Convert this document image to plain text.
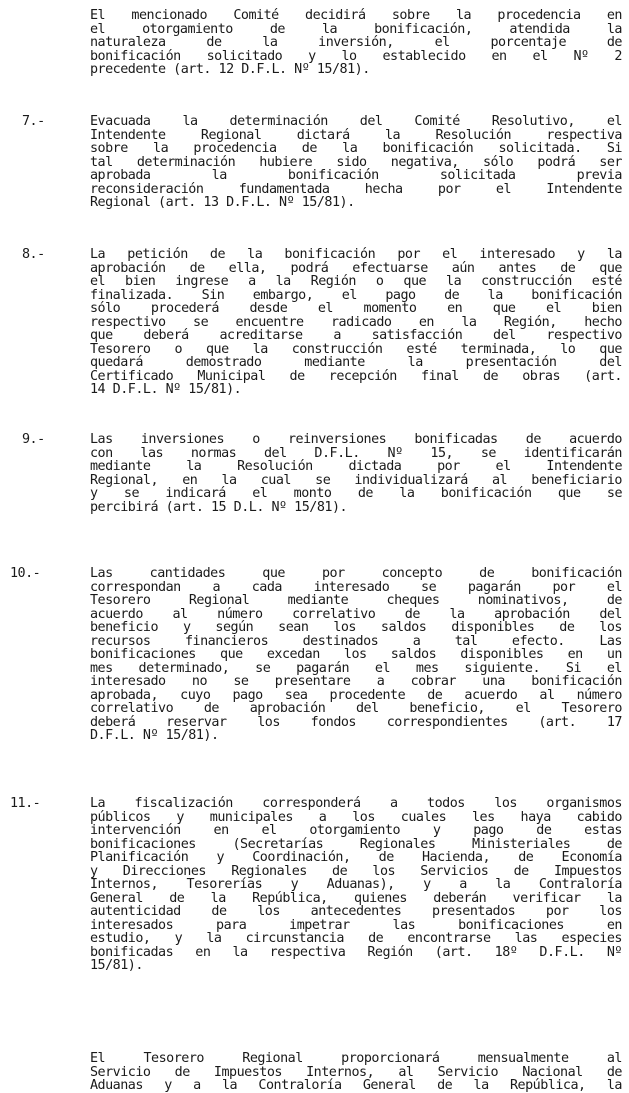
El mencionado Comité decidirá sobre la procedencia en
el otorgamiento de la bonificación, atendida la
naturaleza de la inversión, el porcentaje de
bonificación solicitado y lo establecido en el Nº 2
precedente (art. 12 D.F.L. Nº 15/81).
7.-	Evacuada la determinación del Comité Resolutivo, el
Intendente Regional dictará la Resolución respectiva
sobre la procedencia de la bonificación solicitada. Si
tal determinación hubiere sido negativa, sólo podrá ser
aprobada la bonificación solicitada previa
reconsideración fundamentada hecha por el Intendente
Regional (art. 13 D.F.L. Nº 15/81).
8.-	La petición de la bonificación por el interesado y la
aprobación de ella, podrá efectuarse aún antes de que
el bien ingrese a la Región o que la construcción esté
finalizada. Sin embargo, el pago de la bonificación
sólo procederá desde el momento en que el bien
respectivo se encuentre radicado en la Región, hecho
que deberá acreditarse a satisfacción del respectivo
Tesorero o que la construcción esté terminada, lo que
quedará demostrado mediante la presentación del
Certificado Municipal de recepción final de obras (art.
14 D.F.L. Nº 15/81).
9.-	Las inversiones o reinversiones bonificadas de acuerdo
con las normas del D.F.L. Nº 15, se identificarán
mediante la Resolución dictada por el Intendente
Regional, en la cual se individualizará al beneficiario
y se indicará el monto de la bonificación que se
percibirá (art. 15 D.L. Nº 15/81).
10.-	Las cantidades que por concepto de bonificación
correspondan a cada interesado se pagarán por el
Tesorero Regional mediante cheques nominativos, de
acuerdo al número correlativo de la aprobación del
beneficio y según sean los saldos disponibles de los
recursos financieros destinados a tal efecto. Las
bonificaciones que excedan los saldos disponibles en un
mes determinado, se pagarán el mes siguiente. Si el
interesado no se presentare a cobrar una bonificación
aprobada, cuyo pago sea procedente de acuerdo al número
correlativo de aprobación del beneficio, el Tesorero
deberá reservar los fondos correspondientes (art. 17
D.F.L. Nº 15/81).
11.-	La fiscalización corresponderá a todos los organismos
públicos y municipales a los cuales les haya cabido
intervención en el otorgamiento y pago de estas
bonificaciones (Secretarías Regionales Ministeriales de
Planificación y Coordinación, de Hacienda, de Economía
y Direcciones Regionales de los Servicios de Impuestos
Internos, Tesorerías y Aduanas), y a la Contraloría
General de la República, quienes deberán verificar la
autenticidad de los antecedentes presentados por los
interesados para impetrar las bonificaciones en
estudio, y la circunstancia de encontrarse las especies
bonificadas en la respectiva Región (art. 18º D.F.L. Nº
15/81).
El Tesorero Regional proporcionará mensualmente al
Servicio de Impuestos Internos, al Servicio Nacional de
Aduanas y a la Contraloría General de la República, la
